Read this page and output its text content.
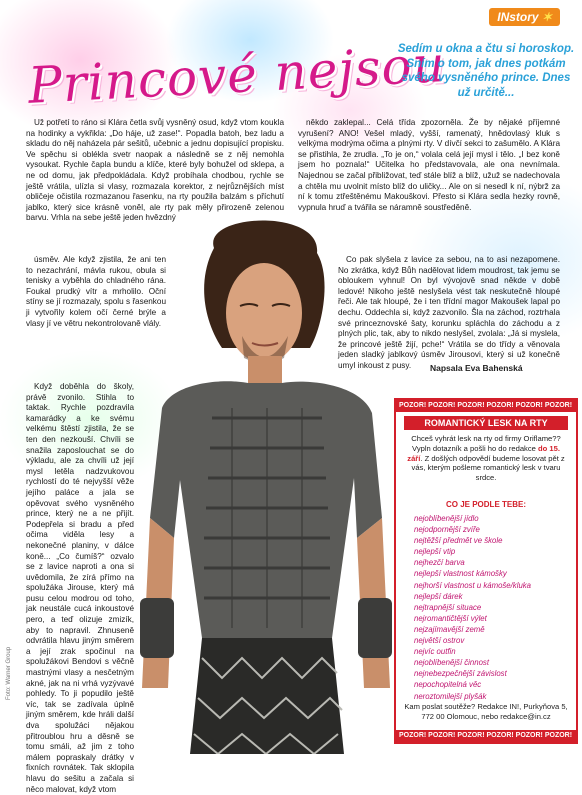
INstory ✶
Princové nejsou
Sedím u okna a čtu si horoskop. Sním o tom, jak dnes potkám svého vysněného prince. Dnes už určitě...

Už potřetí to ráno si Klára četla svůj vysněný osud, když vtom koukla na hodinky a vykřikla: „Do háje, už zase!“. Popadla batoh, bez ladu a skladu do něj naházela pár sešitů, učebnic a jednu dopisující propisku. Ve spěchu si oblékla svetr naopak a následně se z něj nemohla vysoukat. Rychle čapla bundu a klíče, které byly bohužel od sklepa, a ne od domu, jak předpokládala. Když probíhala chodbou, rychle se ještě vrátila, ulízla si vlasy, rozmazala korektor, z nejrůznějších míst obličeje očistila rozmazanou řasenku, na rty použila balzám s příchutí jablko, který sice krásně voněl, ale rty pak měly přirozeně zelenou barvu. Vrhla na sebe ještě jeden hvězdný

úsměv. Ale když zjistila, že ani ten to nezachrání, mávla rukou, obula si tenisky a vyběhla do chladného rána. Foukal prudký vítr a mrholilo. Oční stíny se jí rozmazaly, spolu s řasenkou ji vytvořily kolem očí černé brýle a vlasy jí ve větru nekontrolovaně vlály.

Když doběhla do školy, právě zvonilo. Stihla to taktak. Rychle pozdravila kamarádky a ke svému velkému štěstí zjistila, že se ten den nezkouší. Chvíli se snažila zaposlouchat se do výkladu, ale za chvíli už její mysl letěla nadzvukovou rychlostí do té nejvyšší věže jejího paláce a jala se opěvovat svého vysněného prince, který ne a ne přijít. Podepřela si bradu a před očima viděla lesy a nekonečné planiny, v dálce koně... „Co čumíš?“ ozvalo se z lavice naproti a ona si uvědomila, že zírá přímo na spolužáka Jirouse, který má pusu celou modrou od toho, jak neustále cucá inkoustové pero, a teď olizuje zmizík, aby to napravil. Zhnuseně odvrátila hlavu jiným směrem a její zrak spočinul na spolužákovi Bendovi s věčně mastnými vlasy a nesčetným akné, jak na ni vrhá vyzývavé pohledy. To ji popudilo ještě víc, tak se zadívala úplně jiným směrem, kde hráli další dva spolužáci nějakou přitroublou hru a děsně se tomu smáli, až jim z toho málem popraskaly drátky v fixních rovnátek. Tak sklopila hlavu do sešitu a začala si něco malovat, když vtom

někdo zaklepal... Celá třída zpozorněla. Že by nějaké příjemné vyrušení? ANO! Vešel mladý, vyšší, ramenatý, hnědovlasý kluk s velkýma modrýma očima a plnými rty. V dívčí sekci to zašumělo. A Klára se přistihla, že zrudla. „To je on,“ volala celá její mysl i tělo. „I bez koně jsem ho poznala!“ Učitelka ho představovala, ale ona nevnímala. Najednou se začal přibližovat, teď stále blíž a blíž, užuž se nadechovala a chtěla mu uvolnit místo blíž do uličky... Ale on si nesedl k ní, nýbrž za ní k tomu ztřeštěnému Makouškovi. Přesto si Klára sedla hezky rovně, vypnula hruď a tvářila se náramně soustředěně.

Co pak slyšela z lavice za sebou, na to asi nezapomene. No zkrátka, když Bůh nadělovat lidem moudrost, tak jemu se obloukem vyhnul! On byl vývojově snad někde v době ledové! Nikoho ještě neslyšela vést tak neskutečně hloupé řeči. Ale tak hloupé, že i ten třídní magor Makoušek lapal po dechu. Oddechla si, když zazvonilo. Šla na záchod, roztrhala své princeznovské šaty, korunku spláchla do záchodu a z plných plic, tak, aby to nikdo neslyšel, zvolala: „Já si myslela, že princové ještě žijí, pche!“ Vrátila se do třídy a věnovala jeden sladký jablkový úsměv Jirousovi, který si už konečně umyl inkoust z pusy.	Napsala Eva Bahenská
Foto: Warner Group
POZOR! POZOR! POZOR! POZOR! POZOR! POZOR!
ROMANTICKÝ LESK NA RTY
Chceš vyhrát lesk na rty od firmy Oriflame?? Vypln dotazník a pošli ho do redakce do 15. září. Z došlých odpovědí budeme losovat pět z vás, kterým pošleme romantický lesk v tvaru srdce.
CO JE PODLE TEBE:
nejoblíbenější jídlo
nejodpornější zvíře
nejtěžší předmět ve škole
nejlepší vtip
nejhezčí barva
nejlepší vlastnost kámošky
nejhorší vlastnost u kámoše/kluka
nejlepší dárek
nejtrapnější situace
nejromantičtější výlet
nejzajímavější země
největší ostrov
nejvíc outfin
nejoblíbenější činnost
nejnebezpečnější závislost
nepochopitelná věc
neroztomilejší plyšák
Kam poslat soutěže? Redakce IN!, Purkyňova 5, 772 00 Olomouc, nebo redakce@in.cz
POZOR! POZOR! POZOR! POZOR! POZOR! POZOR!
